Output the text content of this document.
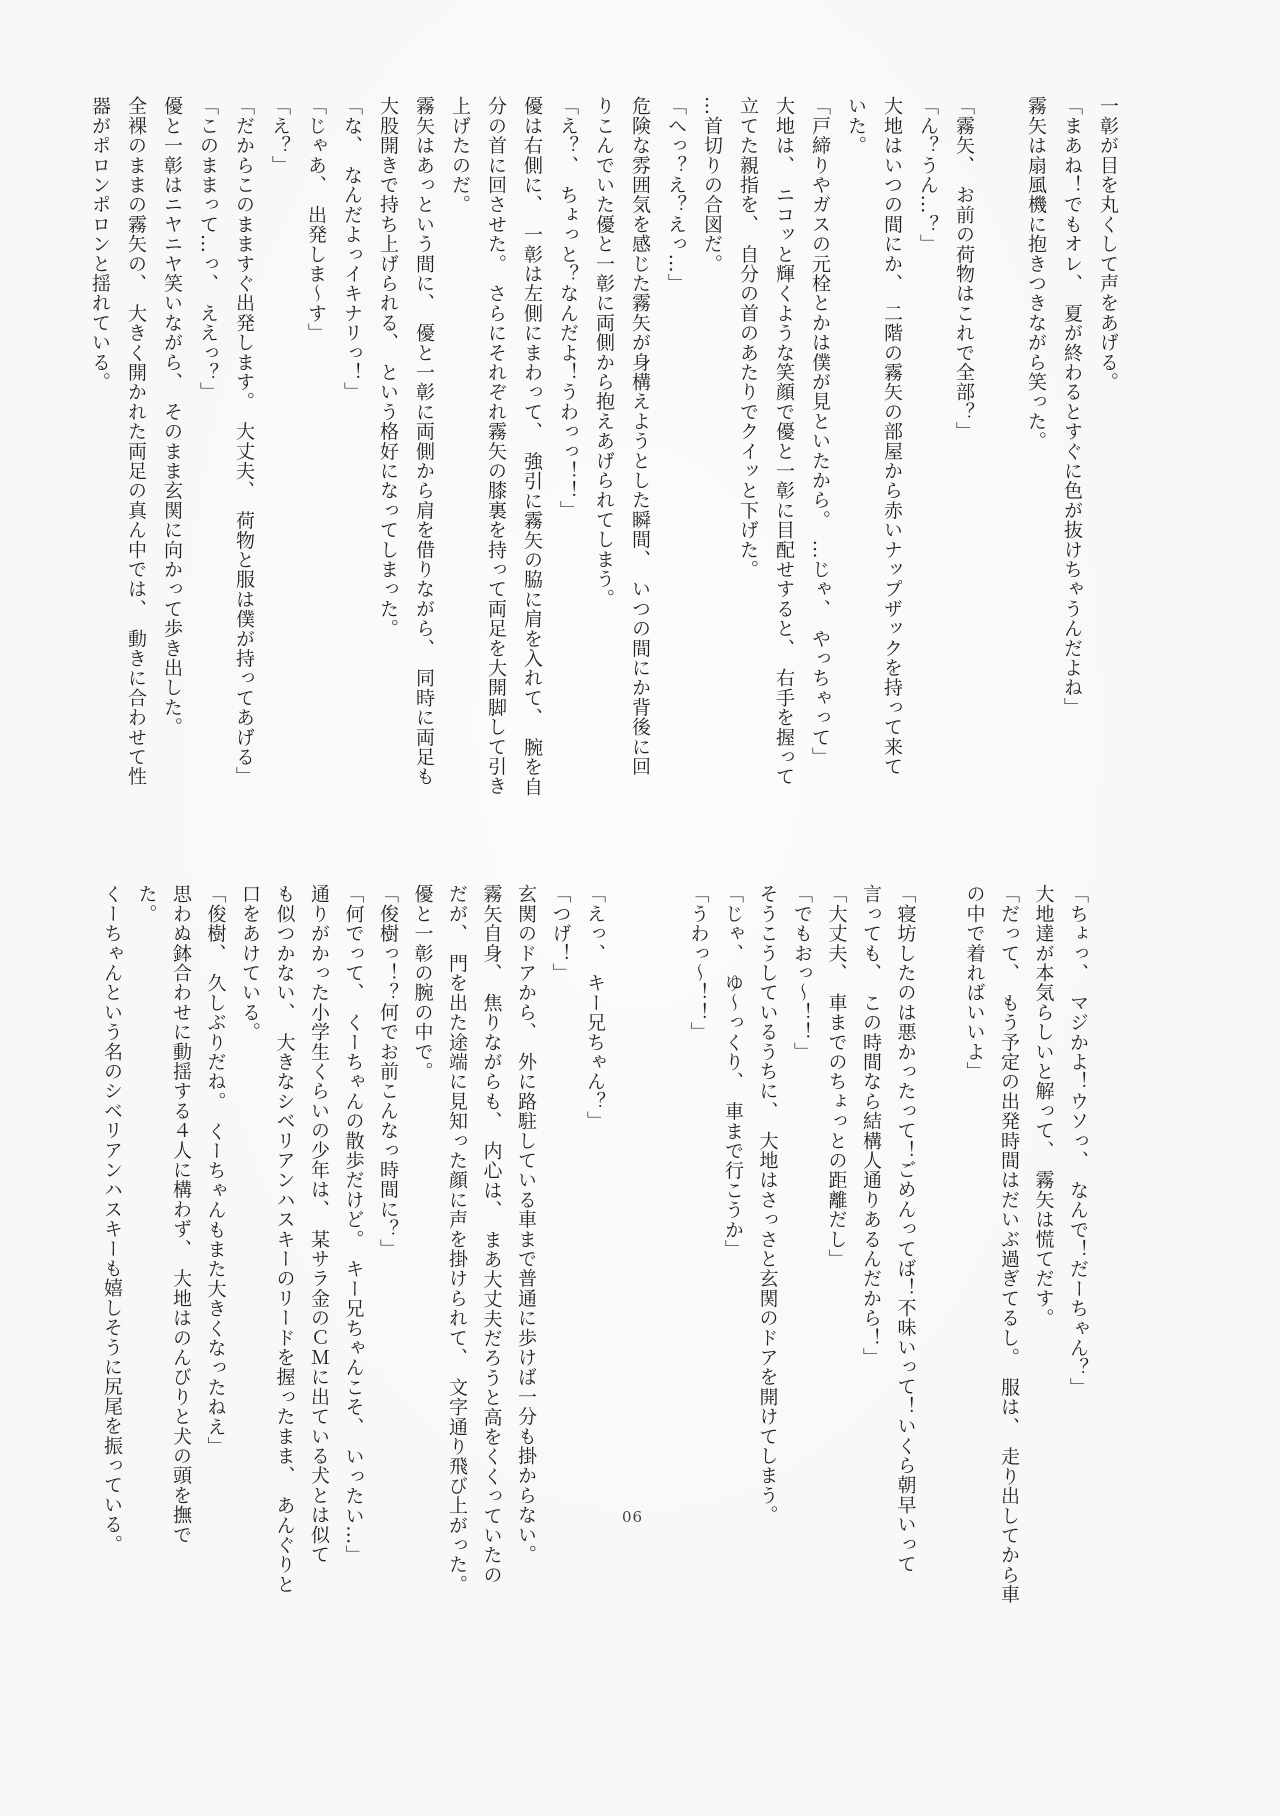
一彰が目を丸くして声をあげる。
「まあね！でもオレ、　夏が終わるとすぐに色が抜けちゃうんだよね」
霧矢は扇風機に抱きつきながら笑った。

「霧矢、　お前の荷物はこれで全部？」
「ん？うん…？」
大地はいつの間にか、　二階の霧矢の部屋から赤いナップザックを持って来て
いた。
「戸締りやガスの元栓とかは僕が見といたから。　…じゃ、　やっちゃって」
大地は、　ニコッと輝くような笑顔で優と一彰に目配せすると、　右手を握って
立てた親指を、　自分の首のあたりでクイッと下げた。
…首切りの合図だ。
「へっ？え？えっ…」
危険な雰囲気を感じた霧矢が身構えようとした瞬間、　いつの間にか背後に回
りこんでいた優と一彰に両側から抱えあげられてしまう。
「え？、　ちょっと？なんだよ！うわっっ！！」
優は右側に、　一彰は左側にまわって、　強引に霧矢の脇に肩を入れて、　腕を自
分の首に回させた。　さらにそれぞれ霧矢の膝裏を持って両足を大開脚して引き
上げたのだ。
霧矢はあっという間に、　優と一彰に両側から肩を借りながら、　同時に両足も
大股開きで持ち上げられる、　という格好になってしまった。
「な、　なんだよっイキナリっ！」
「じゃあ、　出発しま～す」
「え？」
「だからこのまますぐ出発します。　大丈夫、　荷物と服は僕が持ってあげる」
「このままって…っ、　ええっ？」
優と一彰はニヤニヤ笑いながら、　そのまま玄関に向かって歩き出した。
全裸のままの霧矢の、　大きく開かれた両足の真ん中では、　動きに合わせて性
器がポロンポロンと揺れている。
「ちょっ、　マジかよ！ウソっ、　なんで！だーちゃん？」
大地達が本気らしいと解って、　霧矢は慌てだす。
「だって、　もう予定の出発時間はだいぶ過ぎてるし。　服は、　走り出してから車
の中で着ればいいよ」

「寝坊したのは悪かったって！ごめんってば！不味いって！いくら朝早いって
言っても、　この時間なら結構人通りあるんだから！」
「大丈夫、　車までのちょっとの距離だし」
「でもおっ～！！」
そうこうしているうちに、　大地はさっさと玄関のドアを開けてしまう。
「じゃ、　ゆ～っくり、　車まで行こうか」
「うわっ～！！」

「えっ、　キー兄ちゃん？」
「つげ！」
玄関のドアから、　外に路駐している車まで普通に歩けば一分も掛からない。
霧矢自身、　焦りながらも、　内心は、　まあ大丈夫だろうと高をくくっていたの
だが、　門を出た途端に見知った顔に声を掛けられて、　文字通り飛び上がった。
優と一彰の腕の中で。
「俊樹っ！？何でお前こんなっ時間に？」
「何でって、　くーちゃんの散歩だけど。　キー兄ちゃんこそ、　いったい…」
通りがかった小学生くらいの少年は、　某サラ金のＣＭに出ている犬とは似て
も似つかない、　大きなシベリアンハスキーのリードを握ったまま、　あんぐりと
口をあけている。
「俊樹、　久しぶりだね。　くーちゃんもまた大きくなったねえ」
思わぬ鉢合わせに動揺する４人に構わず、　大地はのんびりと犬の頭を撫で
た。
くーちゃんという名のシベリアンハスキーも嬉しそうに尻尾を振っている。	06
